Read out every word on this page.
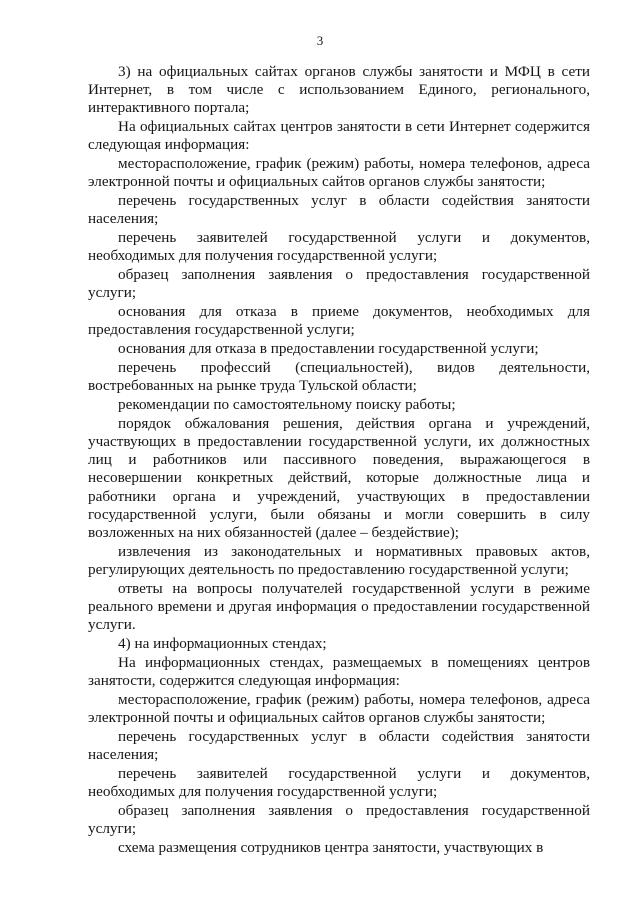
3

3) на официальных сайтах органов службы занятости и МФЦ в сети Интернет, в том числе с использованием Единого, регионального, интерактивного портала;

На официальных сайтах центров занятости в сети Интернет содержится следующая информация:

месторасположение, график (режим) работы, номера телефонов, адреса электронной почты и официальных сайтов органов службы занятости;

перечень государственных услуг в области содействия занятости населения;

перечень заявителей государственной услуги и документов, необходимых для получения государственной услуги;

образец заполнения заявления о предоставления государственной услуги;

основания для отказа в приеме документов, необходимых для предоставления государственной услуги;

основания для отказа в предоставлении государственной услуги;

перечень профессий (специальностей), видов деятельности, востребованных на рынке труда Тульской области;

рекомендации по самостоятельному поиску работы;

порядок обжалования решения, действия органа и учреждений, участвующих в предоставлении государственной услуги, их должностных лиц и работников или пассивного поведения, выражающегося в несовершении конкретных действий, которые должностные лица и работники органа и учреждений, участвующих в предоставлении государственной услуги, были обязаны и могли совершить в силу возложенных на них обязанностей (далее – бездействие);

извлечения из законодательных и нормативных правовых актов, регулирующих деятельность по предоставлению государственной услуги;

ответы на вопросы получателей государственной услуги в режиме реального времени и другая информация о предоставлении государственной услуги.

4) на информационных стендах;

На информационных стендах, размещаемых в помещениях центров занятости, содержится следующая информация:

месторасположение, график (режим) работы, номера телефонов, адреса электронной почты и официальных сайтов органов службы занятости;

перечень государственных услуг в области содействия занятости населения;

перечень заявителей государственной услуги и документов, необходимых для получения государственной услуги;

образец заполнения заявления о предоставления государственной услуги;

схема размещения сотрудников центра занятости, участвующих в
